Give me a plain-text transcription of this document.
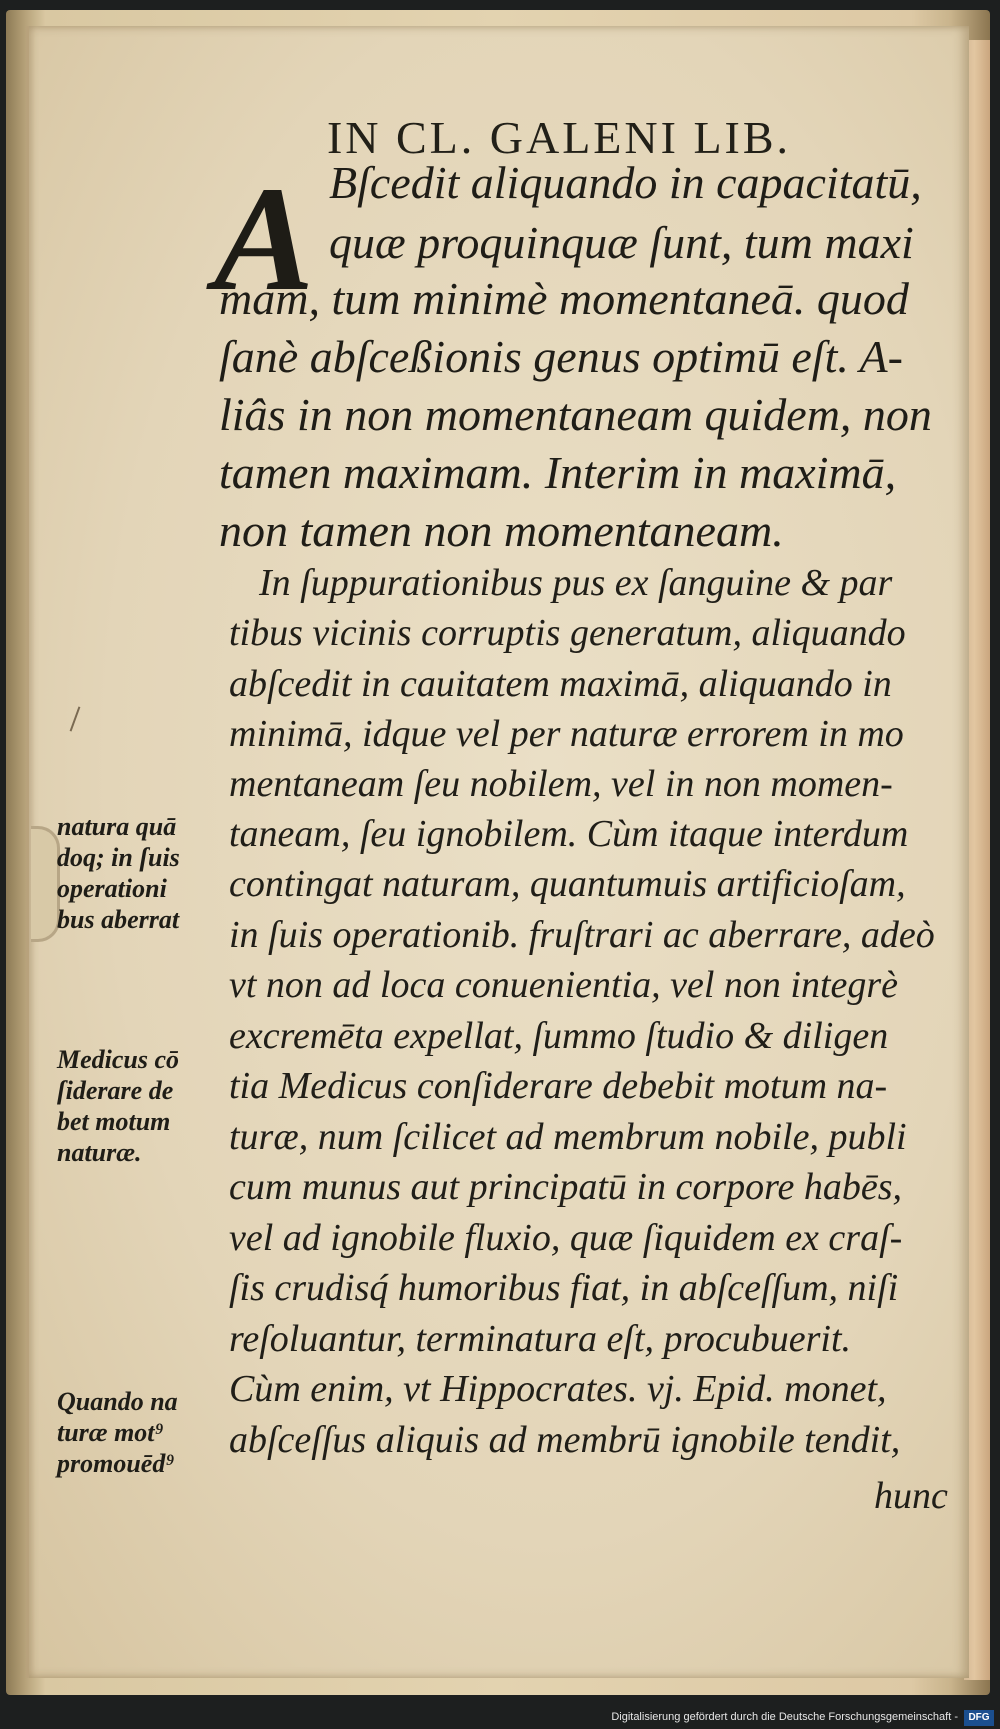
IN CL. GALENI LIB.
A Bſcedit aliquando in capacitatū,

quæ proquinquæ ſunt, tum maxi

mam, tum minimè momentaneā. quod

ſanè abſceßionis genus optimū eſt. A-

liâs in non momentaneam quidem, non

tamen maximam. Interim in maximā,

non tamen non momentaneam.

In ſuppurationibus pus ex ſanguine & par

tibus vicinis corruptis generatum, aliquando

abſcedit in cauitatem maximā, aliquando in

minimā, idque vel per naturæ errorem in mo

mentaneam ſeu nobilem, vel in non momen-

taneam, ſeu ignobilem. Cùm itaque interdum

contingat naturam, quantumuis artificioſam,

in ſuis operationib. fruſtrari ac aberrare, adeò

vt non ad loca conuenientia, vel non integrè

excremēta expellat, ſummo ſtudio & diligen

tia Medicus conſiderare debebit motum na-

turæ, num ſcilicet ad membrum nobile, publi

cum munus aut principatū in corpore habēs,

vel ad ignobile fluxio, quæ ſiquidem ex craſ-

ſis crudisq́ humoribus fiat, in abſceſſum, niſi

reſoluantur, terminatura eſt, procubuerit.

Cùm enim, vt Hippocrates. vj. Epid. monet,

abſceſſus aliquis ad membrū ignobile tendit,

hunc
natura quā
doq; in ſuis
operationi
bus aberrat
Medicus cō
ſiderare de
bet motum
naturæ.
Quando na
turæ mot⁹
promouēd⁹
Digitalisierung gefördert durch die Deutsche Forschungsgemeinschaft -	DFG
